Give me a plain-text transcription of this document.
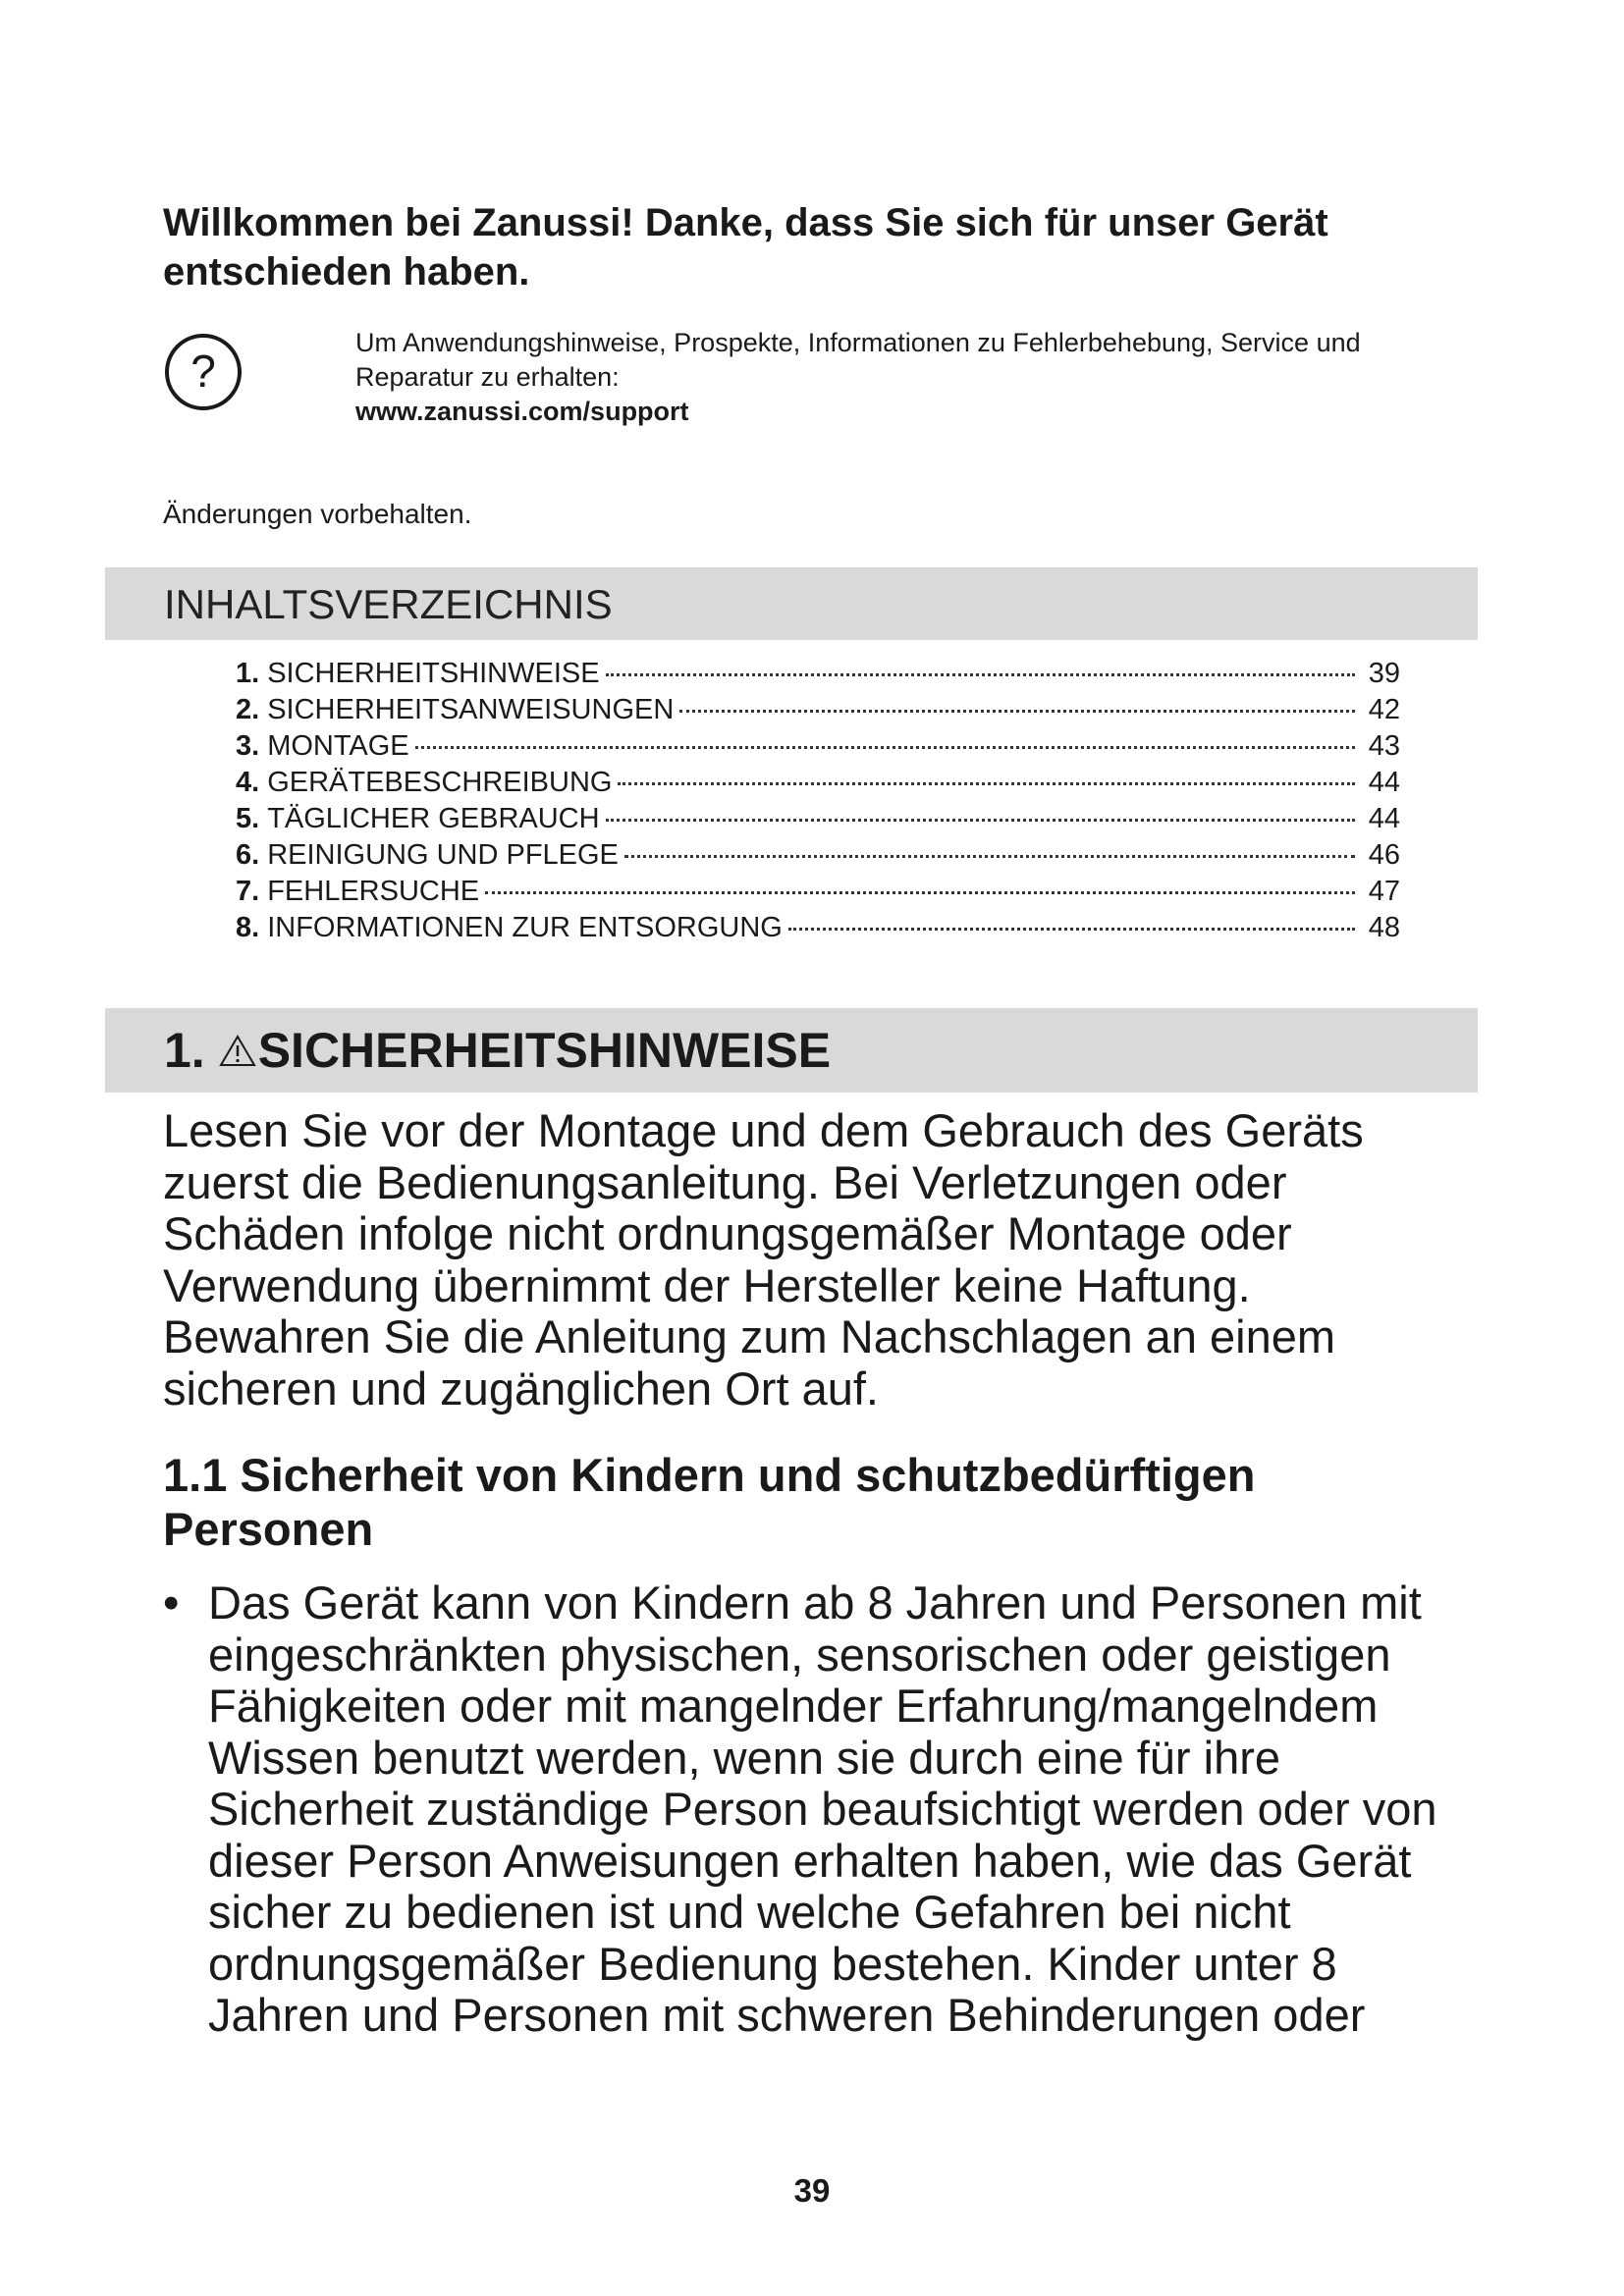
Willkommen bei Zanussi! Danke, dass Sie sich für unser Gerät entschieden haben.
?
Um Anwendungshinweise, Prospekte, Informationen zu Fehlerbehebung, Service und Reparatur zu erhalten:
www.zanussi.com/support
Änderungen vorbehalten.
INHALTSVERZEICHNIS
1. SICHERHEITSHINWEISE	39
2. SICHERHEITSANWEISUNGEN	42
3. MONTAGE	43
4. GERÄTEBESCHREIBUNG	44
5. TÄGLICHER GEBRAUCH	44
6. REINIGUNG UND PFLEGE	46
7. FEHLERSUCHE	47
8. INFORMATIONEN ZUR ENTSORGUNG	48
1. SICHERHEITSHINWEISE
Lesen Sie vor der Montage und dem Gebrauch des Geräts zuerst die Bedienungsanleitung. Bei Verletzungen oder Schäden infolge nicht ordnungsgemäßer Montage oder Verwendung übernimmt der Hersteller keine Haftung. Bewahren Sie die Anleitung zum Nachschlagen an einem sicheren und zugänglichen Ort auf.
1.1 Sicherheit von Kindern und schutzbedürftigen Personen
• Das Gerät kann von Kindern ab 8 Jahren und Personen mit eingeschränkten physischen, sensorischen oder geistigen Fähigkeiten oder mit mangelnder Erfahrung/mangelndem Wissen benutzt werden, wenn sie durch eine für ihre Sicherheit zuständige Person beaufsichtigt werden oder von dieser Person Anweisungen erhalten haben, wie das Gerät sicher zu bedienen ist und welche Gefahren bei nicht ordnungsgemäßer Bedienung bestehen. Kinder unter 8 Jahren und Personen mit schweren Behinderungen oder
39
